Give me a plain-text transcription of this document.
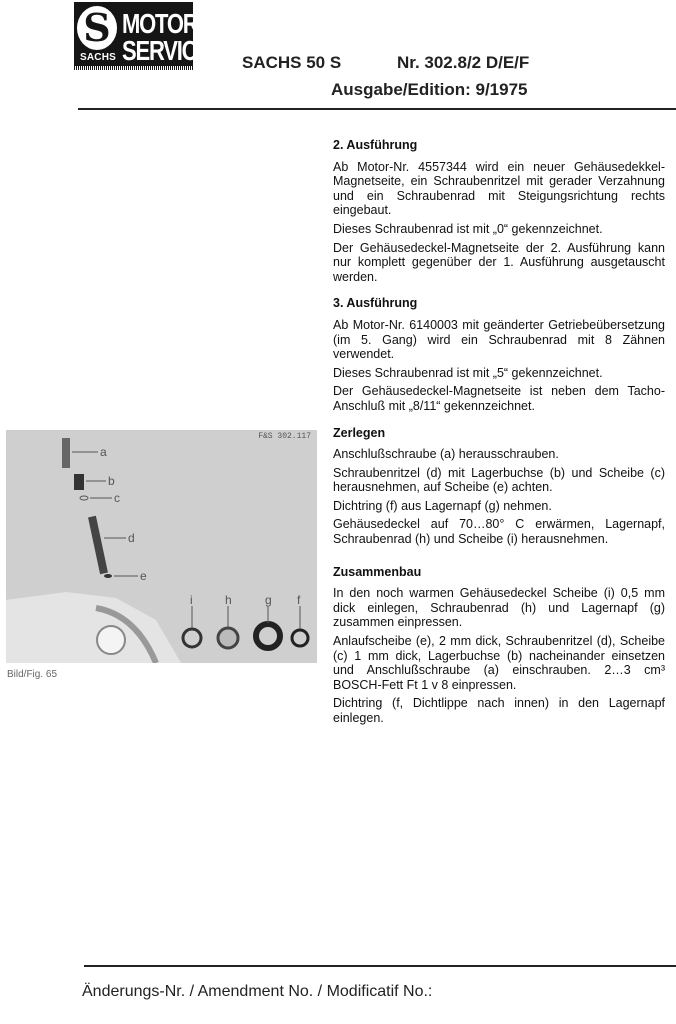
S
SACHS
MOTOR-
SERVICE SACHS 50 S	Nr. 302.8/2 D/E/F
Ausgabe/Edition: 9/1975
F&S 302.117
a
b
c
d
e
i	h	g f
Bild/Fig. 65
2. Ausführung

Ab Motor-Nr. 4557344 wird ein neuer Gehäusedekkel-Magnetseite, ein Schraubenritzel mit gerader Verzahnung und ein Schraubenrad mit Steigungsrichtung rechts eingebaut.

Dieses Schraubenrad ist mit „0“ gekennzeichnet.

Der Gehäusedeckel-Magnetseite der 2. Ausführung kann nur komplett gegenüber der 1. Ausführung ausgetauscht werden.

3. Ausführung

Ab Motor-Nr. 6140003 mit geänderter Getriebeübersetzung (im 5. Gang) wird ein Schraubenrad mit 8 Zähnen verwendet.

Dieses Schraubenrad ist mit „5“ gekennzeichnet.

Der Gehäusedeckel-Magnetseite ist neben dem Tacho-Anschluß mit „8/11“ gekennzeichnet.

Zerlegen

Anschlußschraube (a) herausschrauben.

Schraubenritzel (d) mit Lagerbuchse (b) und Scheibe (c) herausnehmen, auf Scheibe (e) achten.

Dichtring (f) aus Lagernapf (g) nehmen.

Gehäusedeckel auf 70…80° C erwärmen, Lagernapf, Schraubenrad (h) und Scheibe (i) herausnehmen.

Zusammenbau

In den noch warmen Gehäusedeckel Scheibe (i) 0,5 mm dick einlegen, Schraubenrad (h) und Lagernapf (g) zusammen einpressen.

Anlaufscheibe (e), 2 mm dick, Schraubenritzel (d), Scheibe (c) 1 mm dick, Lagerbuchse (b) nacheinander einsetzen und Anschlußschraube (a) einschrauben. 2…3 cm³ BOSCH-Fett Ft 1 v 8 einpressen.

Dichtring (f, Dichtlippe nach innen) in den Lagernapf einlegen.

Änderungs-Nr. / Amendment No. / Modificatif No.:
